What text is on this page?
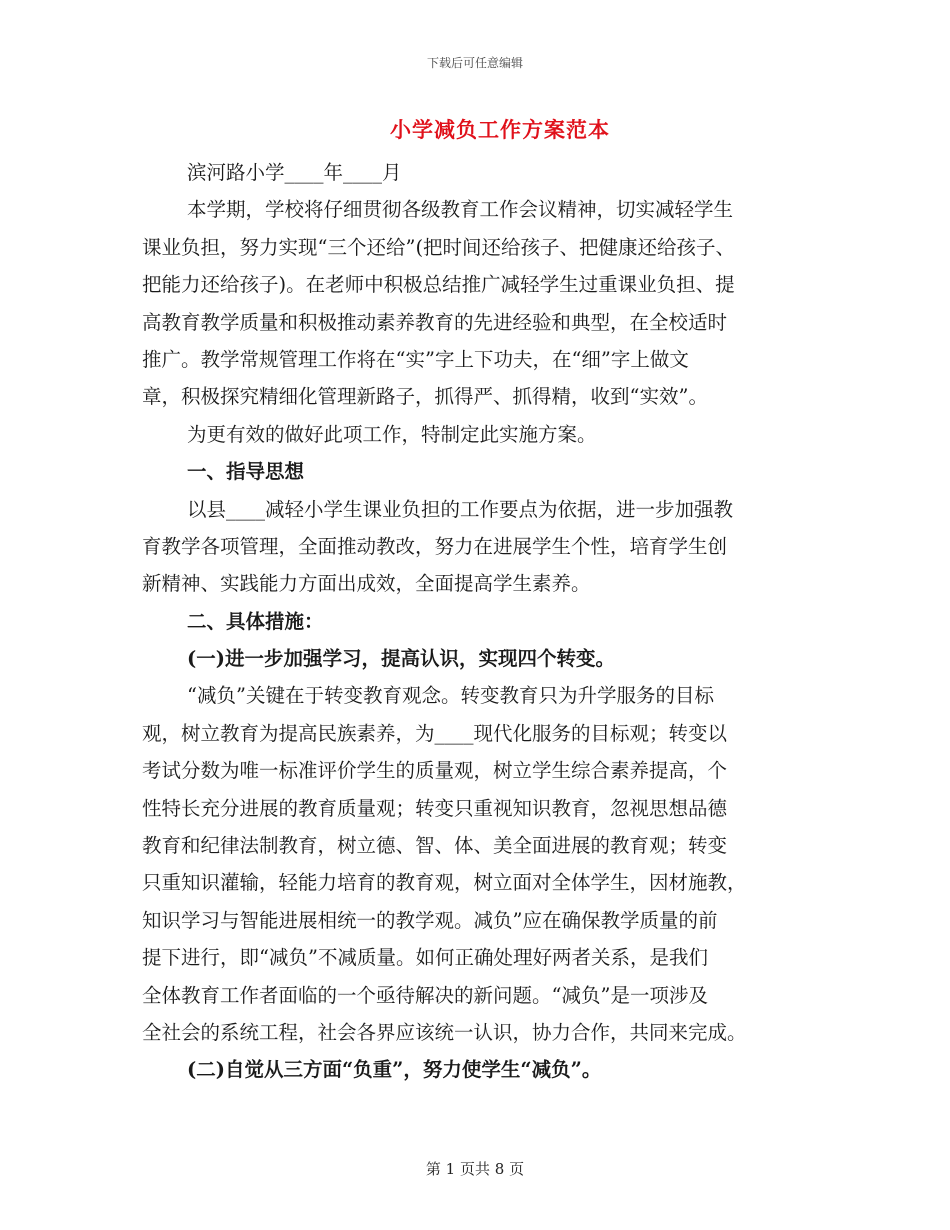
下载后可任意编辑
小学减负工作方案范本
滨河路小学____年____月
本学期，学校将仔细贯彻各级教育工作会议精神，切实减轻学生
课业负担，努力实现“三个还给”(把时间还给孩子、把健康还给孩子、
把能力还给孩子)。在老师中积极总结推广减轻学生过重课业负担、提
高教育教学质量和积极推动素养教育的先进经验和典型，在全校适时
推广。教学常规管理工作将在“实”字上下功夫，在“细”字上做文
章，积极探究精细化管理新路子，抓得严、抓得精，收到“实效”。
为更有效的做好此项工作，特制定此实施方案。
一、指导思想
以县____减轻小学生课业负担的工作要点为依据，进一步加强教
育教学各项管理，全面推动教改，努力在进展学生个性，培育学生创
新精神、实践能力方面出成效，全面提高学生素养。
二、具体措施：
(一)进一步加强学习，提高认识，实现四个转变。
“减负”关键在于转变教育观念。转变教育只为升学服务的目标
观，树立教育为提高民族素养，为____现代化服务的目标观；转变以
考试分数为唯一标准评价学生的质量观，树立学生综合素养提高，个
性特长充分进展的教育质量观；转变只重视知识教育，忽视思想品德
教育和纪律法制教育，树立德、智、体、美全面进展的教育观；转变
只重知识灌输，轻能力培育的教育观，树立面对全体学生，因材施教，
知识学习与智能进展相统一的教学观。减负”应在确保教学质量的前
提下进行，即“减负”不减质量。如何正确处理好两者关系，是我们
全体教育工作者面临的一个亟待解决的新问题。“减负”是一项涉及
全社会的系统工程，社会各界应该统一认识，协力合作，共同来完成。
(二)自觉从三方面“负重”，努力使学生“减负”。
第 1 页共 8 页
